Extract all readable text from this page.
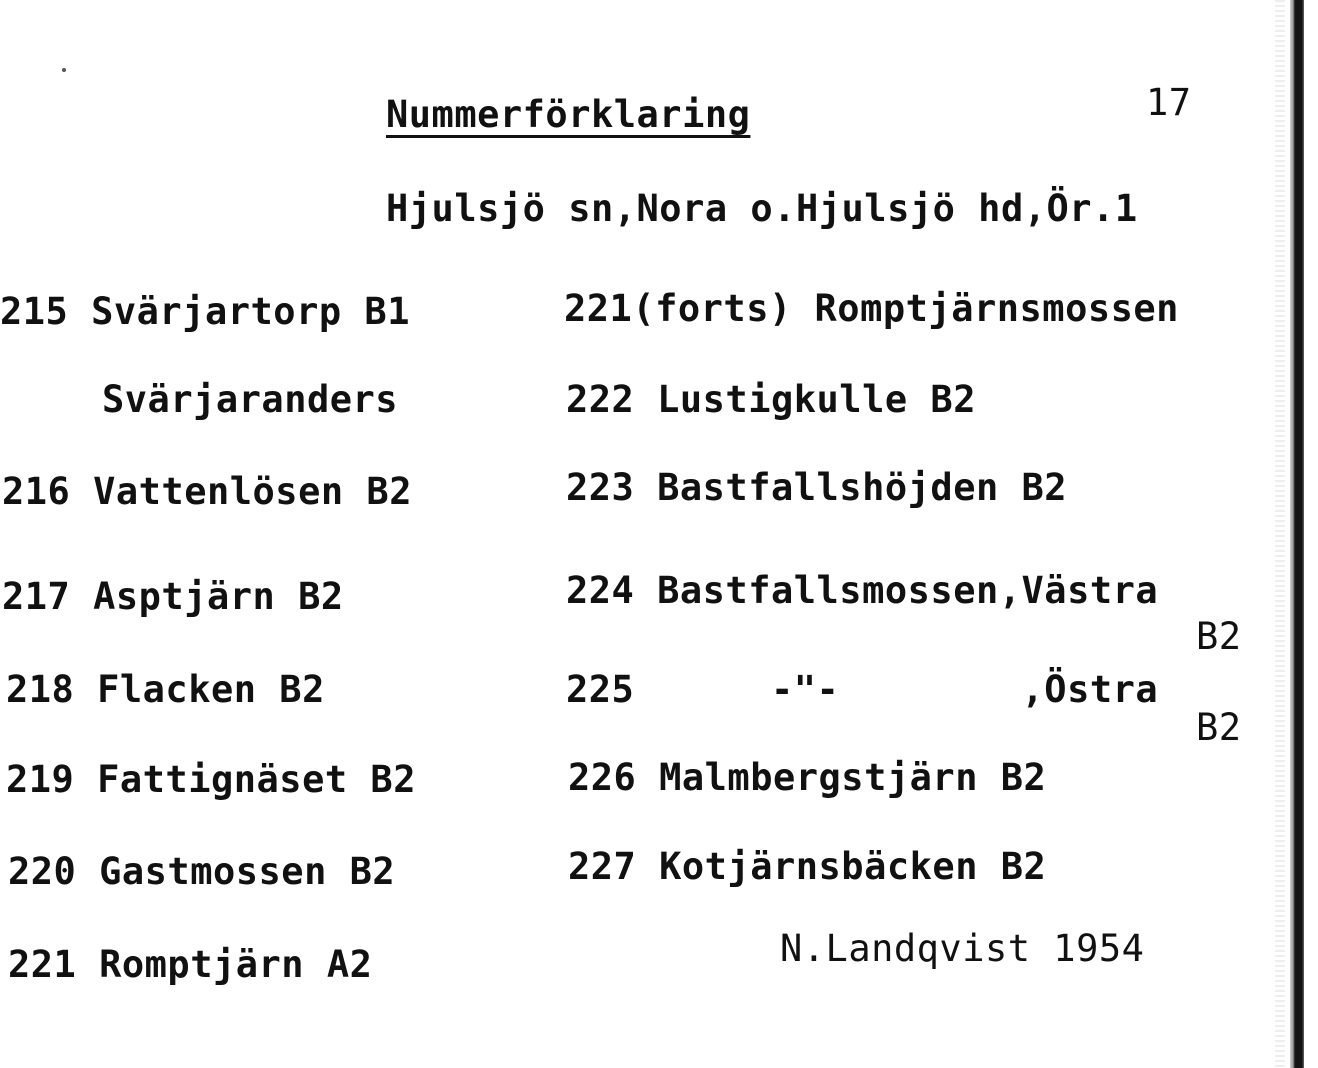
Nummerförklaring	17
Hjulsjö sn,Nora o.Hjulsjö hd,Ör.1
215 Svärjartorp B1
Svärjaranders
216 Vattenlösen B2
217 Asptjärn B2
218 Flacken B2
219 Fattignäset B2
220 Gastmossen B2
221 Romptjärn A2
221(forts) Romptjärnsmossen
222 Lustigkulle B2
223 Bastfallshöjden B2
224 Bastfallsmossen,Västra
B2
225      -"-        ,Östra
B2
226 Malmbergstjärn B2
227 Kotjärnsbäcken B2
N.Landqvist 1954
